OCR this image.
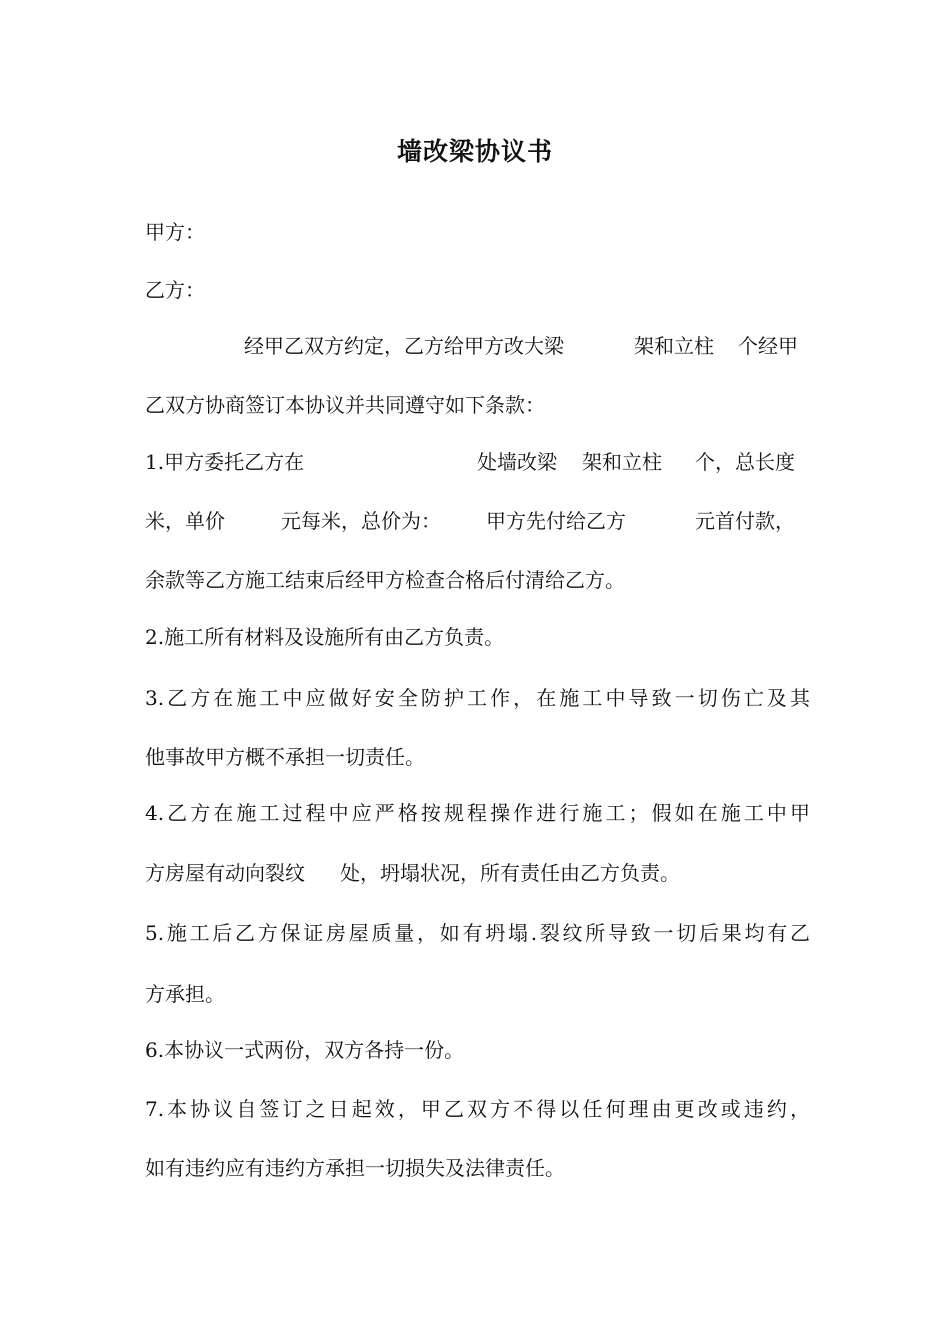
墙改梁协议书
甲方：
乙方：
经甲乙双方约定，乙方给甲方改大梁	架和立柱 个经甲
乙双方协商签订本协议并共同遵守如下条款：
1.甲方委托乙方在	处墙改梁 架和立柱 个，总长度
米，单价	元每米，总价为： 甲方先付给乙方	元首付款，
余款等乙方施工结束后经甲方检查合格后付清给乙方。
2.施工所有材料及设施所有由乙方负责。
3.乙方在施工中应做好安全防护工作，在施工中导致一切伤亡及其
他事故甲方概不承担一切责任。
4.乙方在施工过程中应严格按规程操作进行施工；假如在施工中甲
方房屋有动向裂纹 处，坍塌状况，所有责任由乙方负责。
5.施工后乙方保证房屋质量，如有坍塌.裂纹所导致一切后果均有乙
方承担。
6.本协议一式两份，双方各持一份。
7.本协议自签订之日起效，甲乙双方不得以任何理由更改或违约，
如有违约应有违约方承担一切损失及法律责任。
